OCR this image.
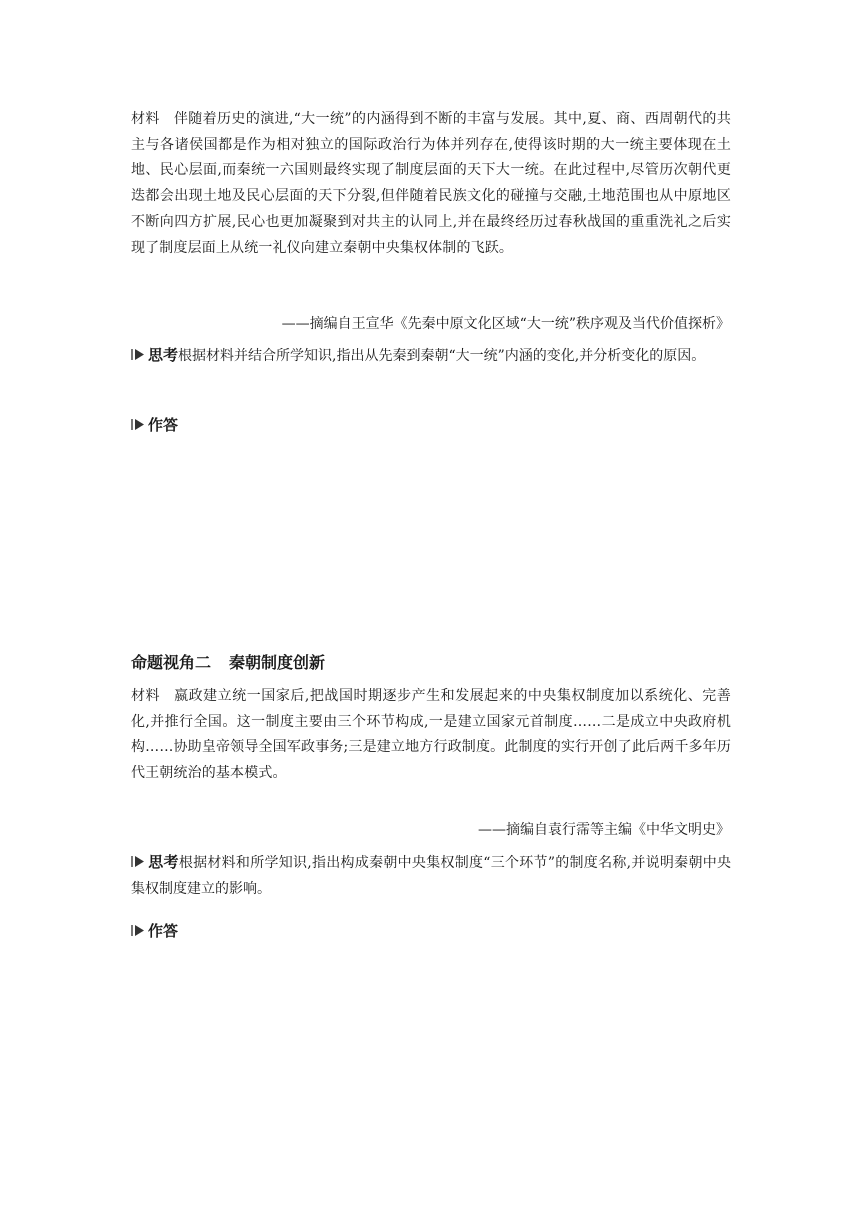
材料 伴随着历史的演进,“大一统”的内涵得到不断的丰富与发展。其中,夏、商、西周朝代的共主与各诸侯国都是作为相对独立的国际政治行为体并列存在,使得该时期的大一统主要体现在土地、民心层面,而秦统一六国则最终实现了制度层面的天下大一统。在此过程中,尽管历次朝代更迭都会出现土地及民心层面的天下分裂,但伴随着民族文化的碰撞与交融,土地范围也从中原地区不断向四方扩展,民心也更加凝聚到对共主的认同上,并在最终经历过春秋战国的重重洗礼之后实现了制度层面上从统一礼仪向建立秦朝中央集权体制的飞跃。
——摘编自王宣华《先秦中原文化区域“大一统”秩序观及当代价值探析》
思考根据材料并结合所学知识,指出从先秦到秦朝“大一统”内涵的变化,并分析变化的原因。
作答
命题视角二 秦朝制度创新
材料 嬴政建立统一国家后,把战国时期逐步产生和发展起来的中央集权制度加以系统化、完善化,并推行全国。这一制度主要由三个环节构成,一是建立国家元首制度……二是成立中央政府机构……协助皇帝领导全国军政事务;三是建立地方行政制度。此制度的实行开创了此后两千多年历代王朝统治的基本模式。
——摘编自袁行霈等主编《中华文明史》
思考根据材料和所学知识,指出构成秦朝中央集权制度“三个环节”的制度名称,并说明秦朝中央集权制度建立的影响。
作答
